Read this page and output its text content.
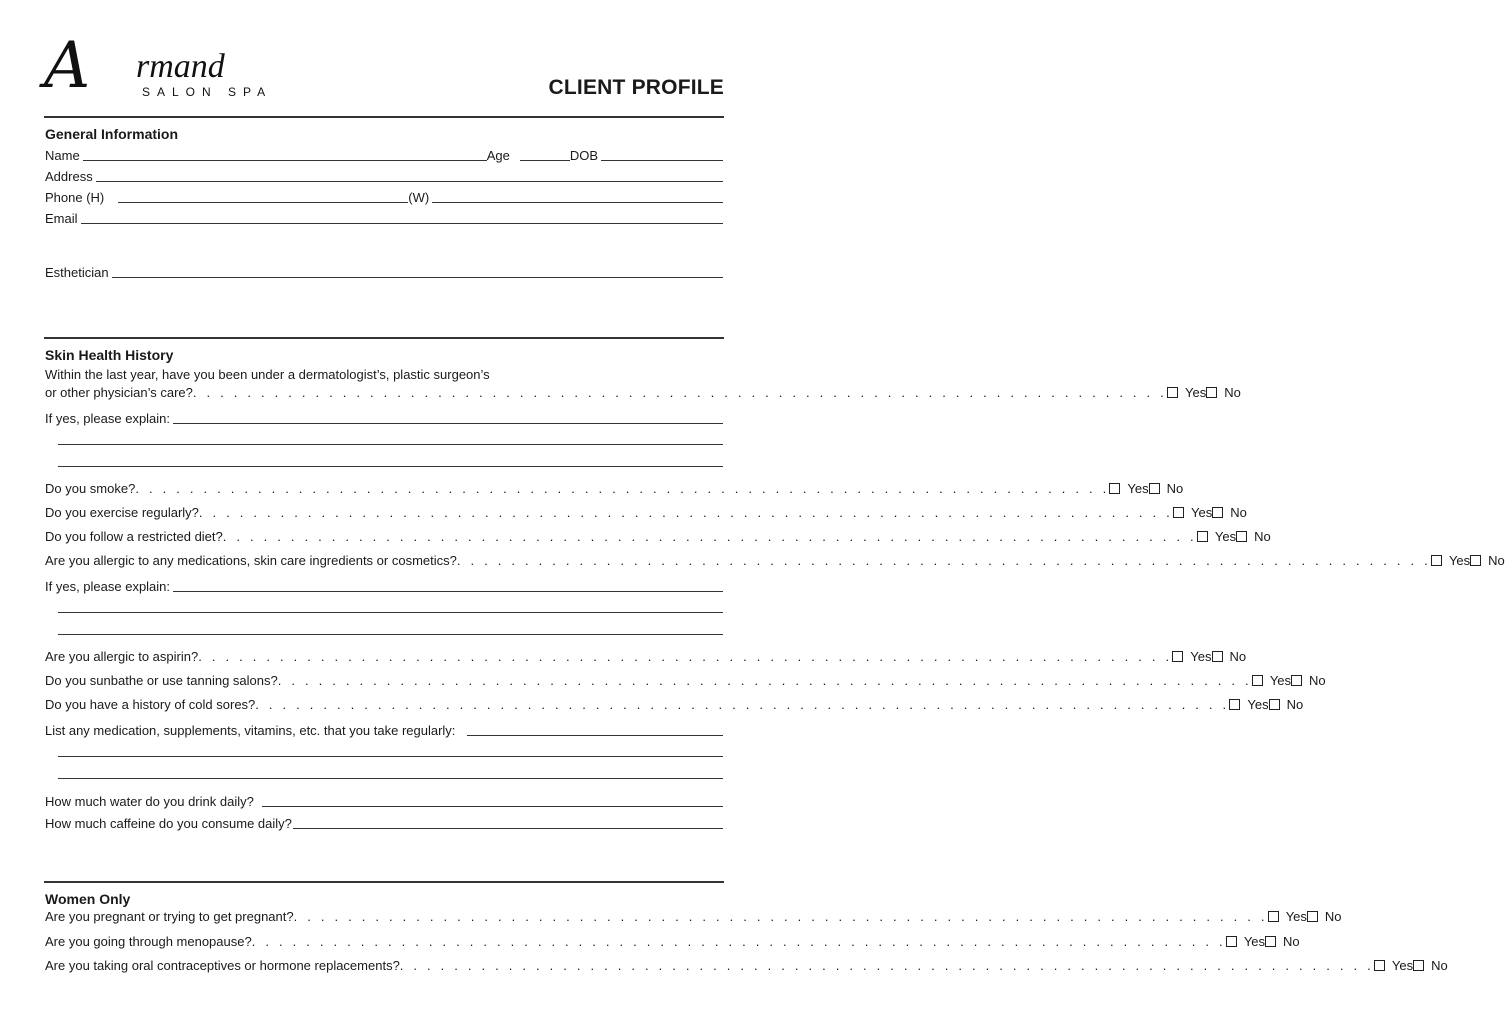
A rmand
SALON SPA	CLIENT PROFILE
General Information
Name	Age	DOB
Address
Phone (H)	(W)
Email
Esthetician
Skin Health History
Within the last year, have you been under a dermatologist’s, plastic surgeon’s
or other physician’s care? . . . . . . . . . . . . . . . . . . . . . . . . . . . . . . . . . . . . . . . . . . . . . . . . . . . . . . . . . . . . . . . . . . . . . . . . Yes No
If yes, please explain:
Do you smoke? . . . . . . . . . . . . . . . . . . . . . . . . . . . . . . . . . . . . . . . . . . . . . . . . . . . . . . . . . . . . . . . . . . . . . . . . Yes No
Do you exercise regularly? . . . . . . . . . . . . . . . . . . . . . . . . . . . . . . . . . . . . . . . . . . . . . . . . . . . . . . . . . . . . . . . . . . . . . . . . Yes No
Do you follow a restricted diet? . . . . . . . . . . . . . . . . . . . . . . . . . . . . . . . . . . . . . . . . . . . . . . . . . . . . . . . . . . . . . . . . . . . . . . . . Yes No
Are you allergic to any medications, skin care ingredients or cosmetics? . . . . . . . . . . . . . . . . . . . . . . . . . . . . . . . . . . . . . . . . . . . . . . . . . . . . . . . . . . . . . . . . . . . . . . . . Yes No
If yes, please explain:
Are you allergic to aspirin? . . . . . . . . . . . . . . . . . . . . . . . . . . . . . . . . . . . . . . . . . . . . . . . . . . . . . . . . . . . . . . . . . . . . . . . . Yes No
Do you sunbathe or use tanning salons? . . . . . . . . . . . . . . . . . . . . . . . . . . . . . . . . . . . . . . . . . . . . . . . . . . . . . . . . . . . . . . . . . . . . . . . . Yes No
Do you have a history of cold sores? . . . . . . . . . . . . . . . . . . . . . . . . . . . . . . . . . . . . . . . . . . . . . . . . . . . . . . . . . . . . . . . . . . . . . . . . Yes No
List any medication, supplements, vitamins, etc. that you take regularly:
How much water do you drink daily?
How much caffeine do you consume daily?
Women Only
Are you pregnant or trying to get pregnant? . . . . . . . . . . . . . . . . . . . . . . . . . . . . . . . . . . . . . . . . . . . . . . . . . . . . . . . . . . . . . . . . . . . . . . . . Yes No
Are you going through menopause? . . . . . . . . . . . . . . . . . . . . . . . . . . . . . . . . . . . . . . . . . . . . . . . . . . . . . . . . . . . . . . . . . . . . . . . . Yes No
Are you taking oral contraceptives or hormone replacements? . . . . . . . . . . . . . . . . . . . . . . . . . . . . . . . . . . . . . . . . . . . . . . . . . . . . . . . . . . . . . . . . . . . . . . . . Yes No
